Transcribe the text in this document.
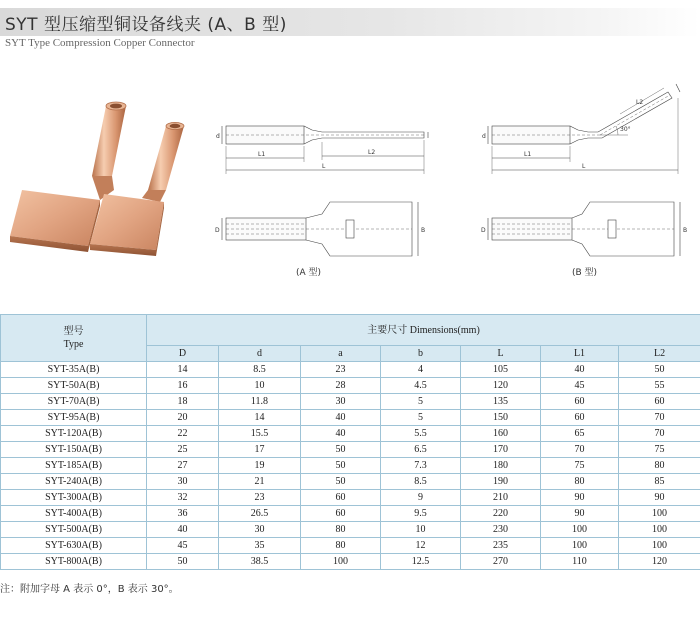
SYT 型压缩型铜设备线夹 (A、B 型)
SYT Type Compression Copper Connector
d
L1	L2
L
D	B
(A 型)
d
L1
L2
L
30°
D	B
(B 型)
型号
Type	主要尺寸 Dimensions(mm)						
	D	d	a	b	L	L1	L2
SYT-35A(B)	14	8.5	23	4	105	40	50
SYT-50A(B)	16	10	28	4.5	120	45	55
SYT-70A(B)	18	11.8	30	5	135	60	60
SYT-95A(B)	20	14	40	5	150	60	70
SYT-120A(B)	22	15.5	40	5.5	160	65	70
SYT-150A(B)	25	17	50	6.5	170	70	75
SYT-185A(B)	27	19	50	7.3	180	75	80
SYT-240A(B)	30	21	50	8.5	190	80	85
SYT-300A(B)	32	23	60	9	210	90	90
SYT-400A(B)	36	26.5	60	9.5	220	90	100
SYT-500A(B)	40	30	80	10	230	100	100
SYT-630A(B)	45	35	80	12	235	100	100
SYT-800A(B)	50	38.5	100	12.5	270	110	120
注：附加字母 A 表示 0°，B 表示 30°。
